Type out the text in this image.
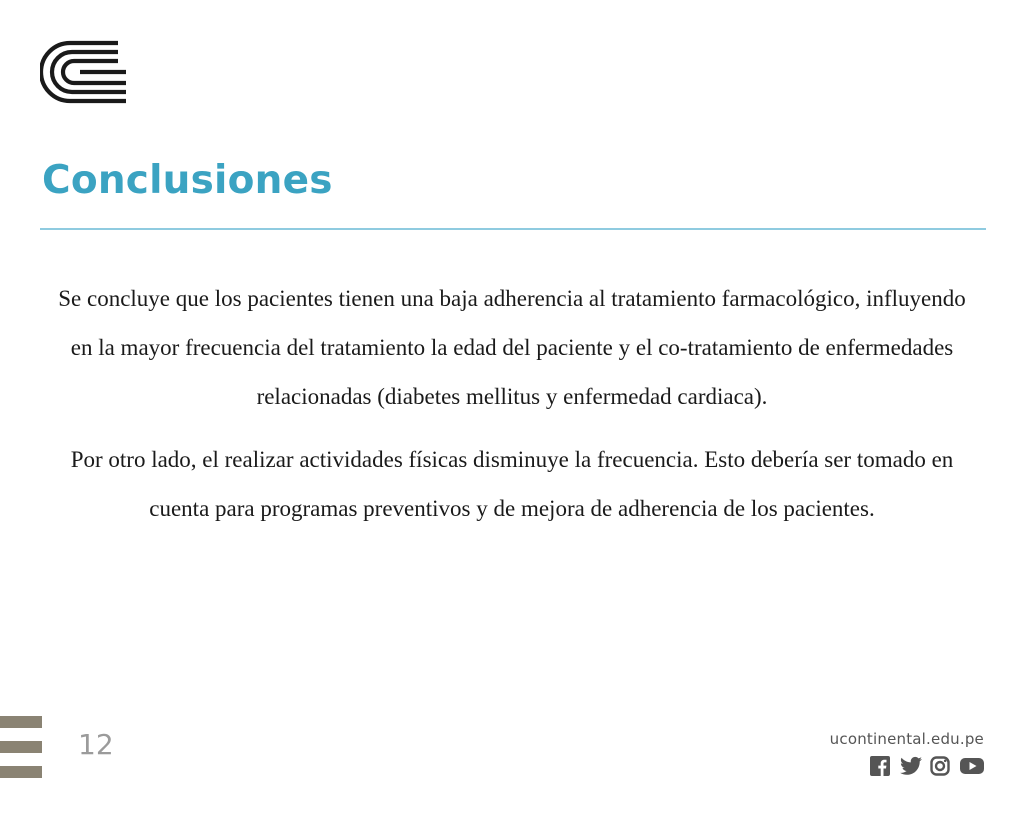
Conclusiones

Se concluye que los pacientes tienen una baja adherencia al tratamiento farmacológico, influyendo en la mayor frecuencia del tratamiento la edad del paciente y el co-tratamiento de enfermedades relacionadas (diabetes mellitus y enfermedad cardiaca).

Por otro lado, el realizar actividades físicas disminuye la frecuencia. Esto debería ser tomado en cuenta para programas preventivos y de mejora de adherencia de los pacientes.

12	ucontinental.edu.pe
